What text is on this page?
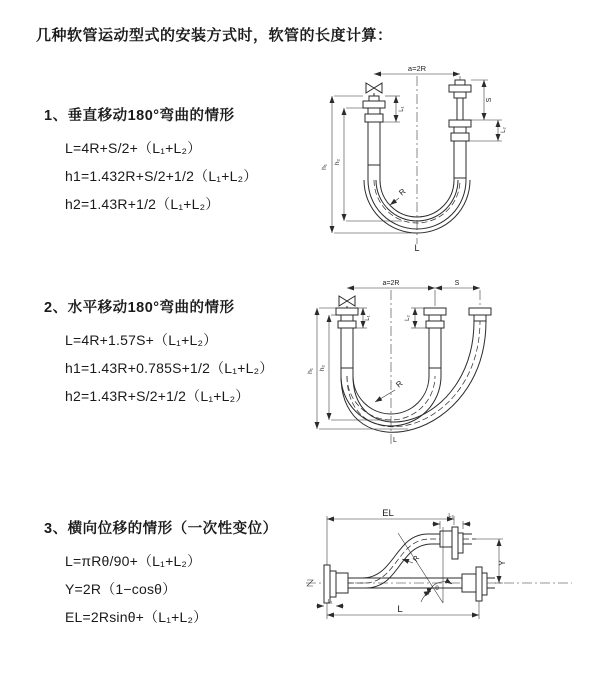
几种软管运动型式的安装方式时，软管的长度计算：
1、垂直移动180°弯曲的情形
L=4R+S/2+（L₁+L₂）
h1=1.432R+S/2+1/2（L₁+L₂）
h2=1.43R+1/2（L₁+L₂）
2、水平移动180°弯曲的情形
L=4R+1.57S+（L₁+L₂）
h1=1.43R+0.785S+1/2（L₁+L₂）
h2=1.43R+S/2+1/2（L₁+L₂）
3、横向位移的情形（一次性变位）
L=πRθ/90+（L₁+L₂）
Y=2R（1−cosθ）
EL=2Rsinθ+（L₁+L₂）
a=2R
L₁
S
L₂
h₁
h₂
R
L
a=2R	S
L₁	L₂
h₁ h₂
R
L
EL	L₂
Y
L
L₁
θ
R
